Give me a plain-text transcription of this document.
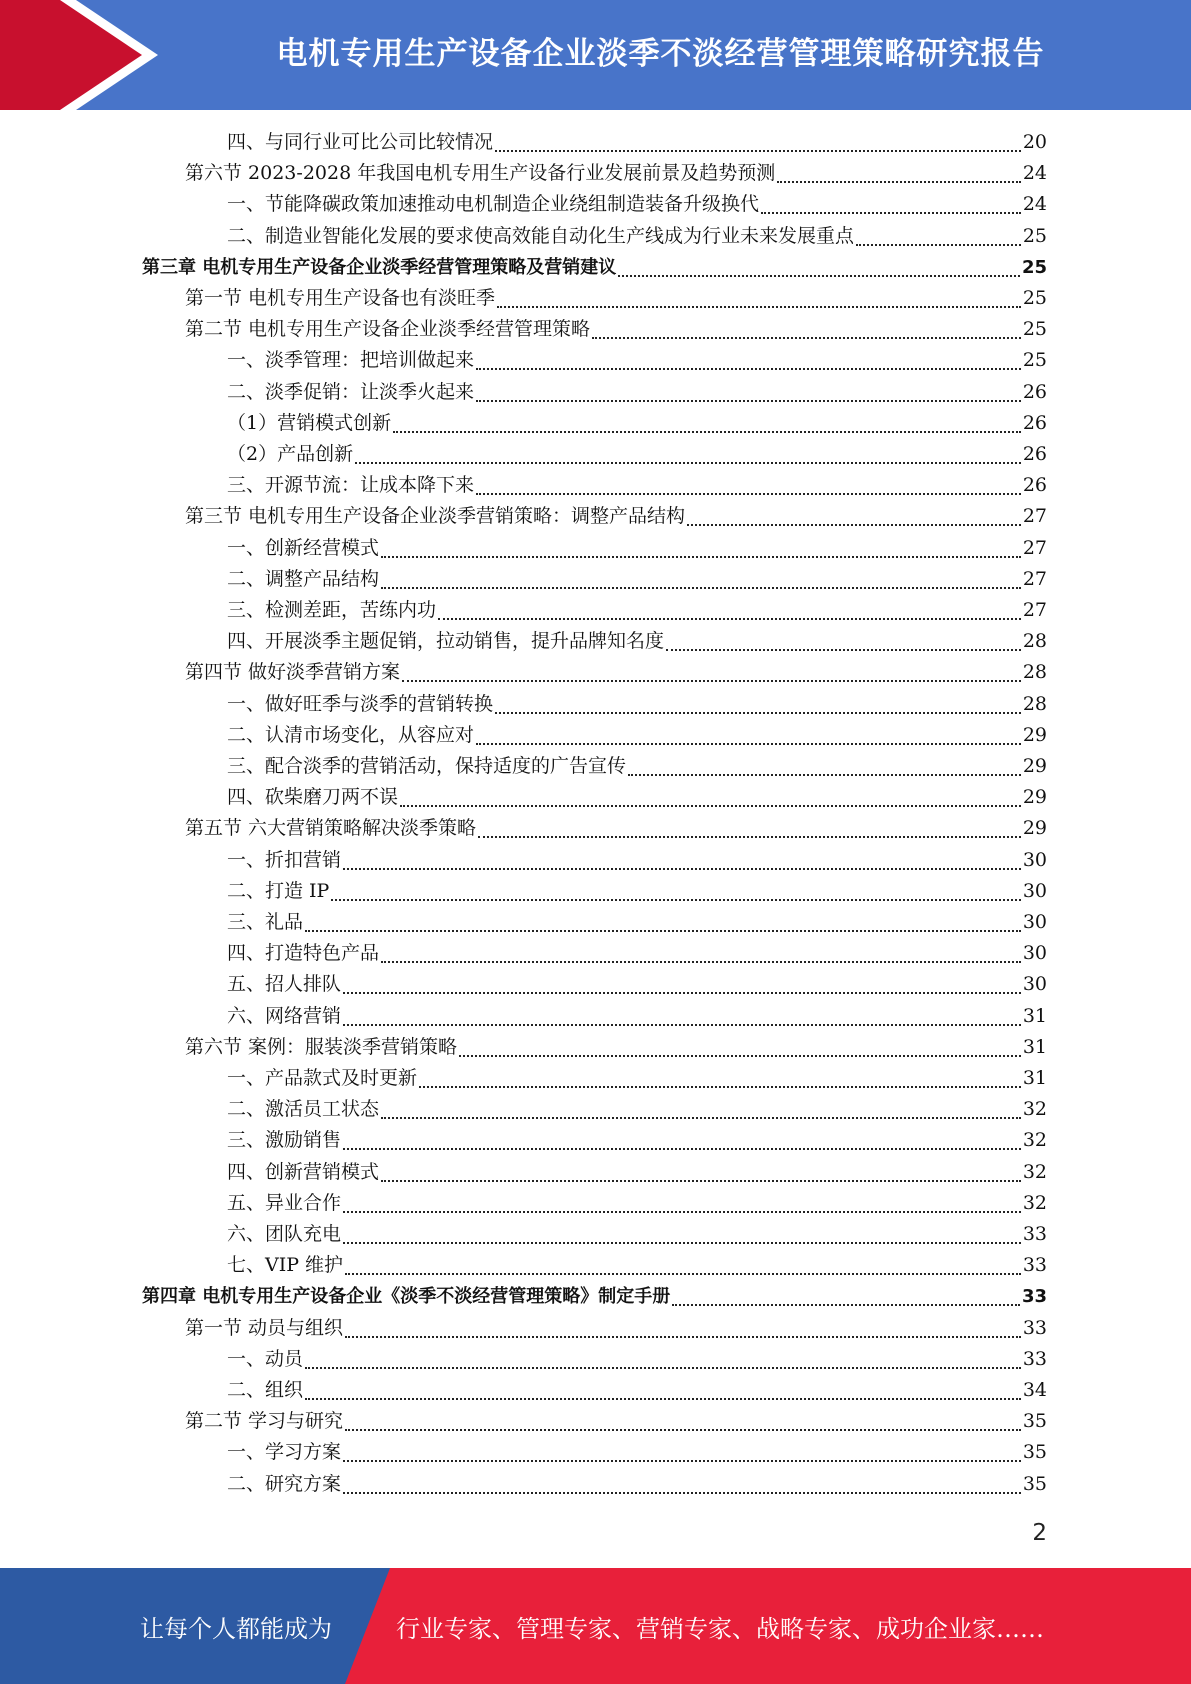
电机专用生产设备企业淡季不淡经营管理策略研究报告
四、与同行业可比公司比较情况	20
第六节 2023-2028 年我国电机专用生产设备行业发展前景及趋势预测	24
一、节能降碳政策加速推动电机制造企业绕组制造装备升级换代	24
二、制造业智能化发展的要求使高效能自动化生产线成为行业未来发展重点	25
第三章 电机专用生产设备企业淡季经营管理策略及营销建议	25
第一节 电机专用生产设备也有淡旺季	25
第二节 电机专用生产设备企业淡季经营管理策略	25
一、淡季管理：把培训做起来	25
二、淡季促销：让淡季火起来	26
（1）营销模式创新	26
（2）产品创新	26
三、开源节流：让成本降下来	26
第三节 电机专用生产设备企业淡季营销策略：调整产品结构	27
一、创新经营模式	27
二、调整产品结构	27
三、检测差距，苦练内功	27
四、开展淡季主题促销，拉动销售，提升品牌知名度	28
第四节 做好淡季营销方案	28
一、做好旺季与淡季的营销转换	28
二、认清市场变化，从容应对	29
三、配合淡季的营销活动，保持适度的广告宣传	29
四、砍柴磨刀两不误	29
第五节 六大营销策略解决淡季策略	29
一、折扣营销	30
二、打造 IP	30
三、礼品	30
四、打造特色产品	30
五、招人排队	30
六、网络营销	31
第六节 案例：服装淡季营销策略	31
一、产品款式及时更新	31
二、激活员工状态	32
三、激励销售	32
四、创新营销模式	32
五、异业合作	32
六、团队充电	33
七、VIP 维护	33
第四章 电机专用生产设备企业《淡季不淡经营管理策略》制定手册	33
第一节 动员与组织	33
一、动员	33
二、组织	34
第二节 学习与研究	35
一、学习方案	35
二、研究方案	35
2
让每个人都能成为	行业专家、管理专家、营销专家、战略专家、成功企业家……
